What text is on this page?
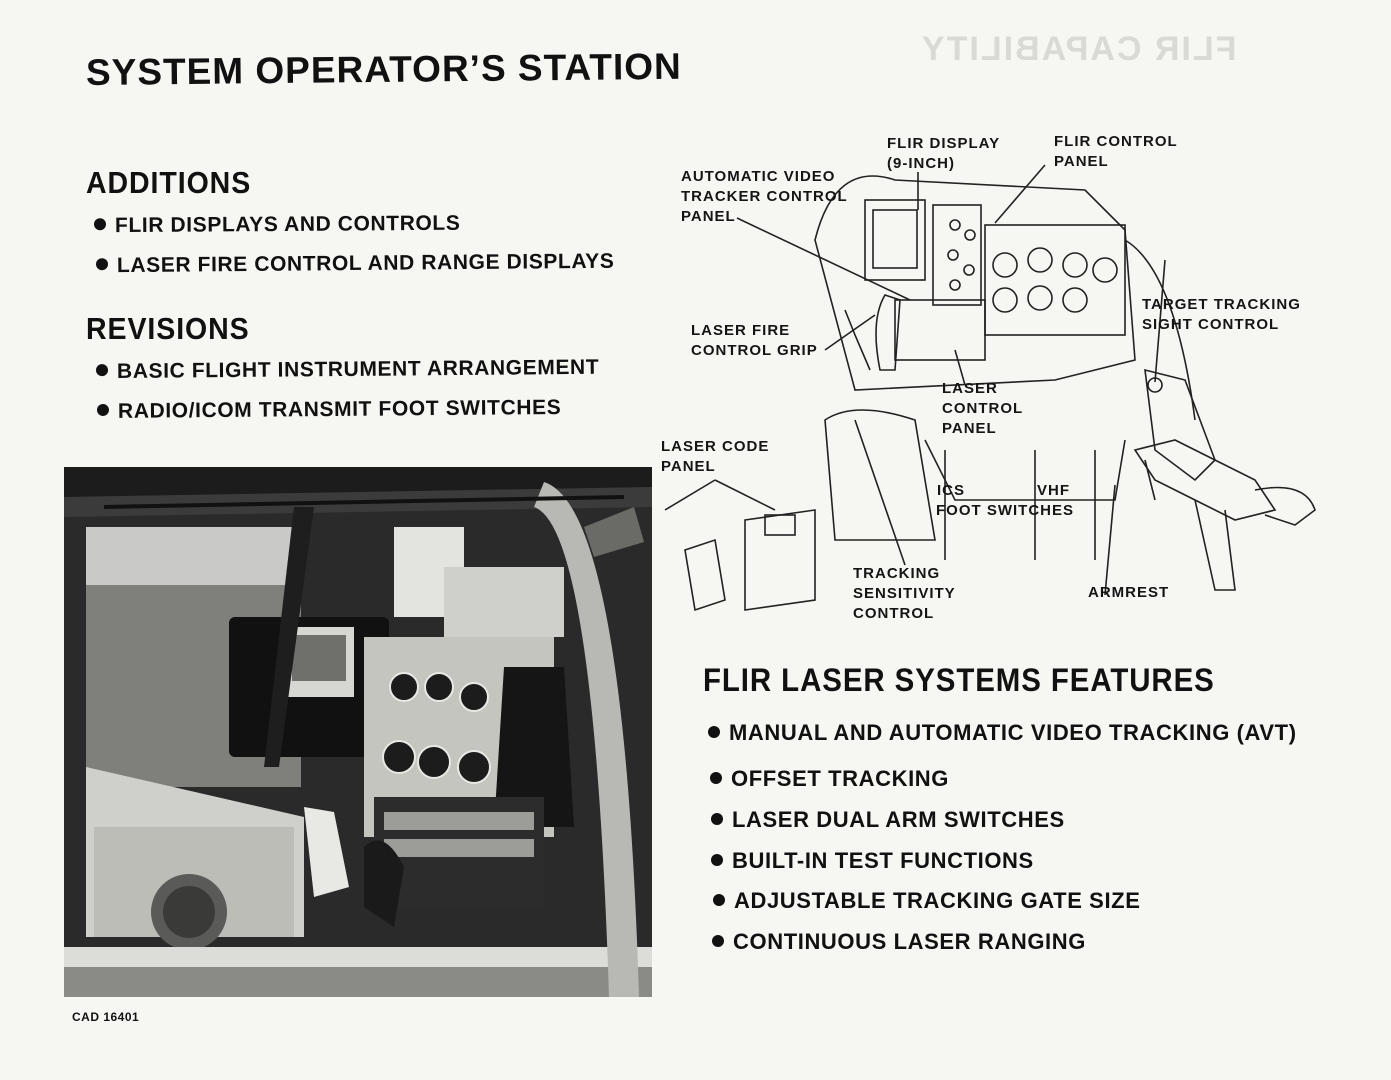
FLIR CAPABILITY
SYSTEM OPERATOR’S STATION
ADDITIONS
FLIR DISPLAYS AND CONTROLS
LASER FIRE CONTROL AND RANGE DISPLAYS
REVISIONS
BASIC FLIGHT INSTRUMENT ARRANGEMENT
RADIO/ICOM TRANSMIT FOOT SWITCHES
CAD 16401
FLIR DISPLAY
(9-INCH)
FLIR CONTROL
PANEL
AUTOMATIC VIDEO
TRACKER CONTROL
PANEL
TARGET TRACKING
SIGHT CONTROL
LASER FIRE
CONTROL GRIP
LASER
CONTROL
PANEL
LASER CODE
PANEL
ICS	VHF
FOOT SWITCHES
TRACKING
SENSITIVITY
CONTROL
ARMREST
FLIR LASER SYSTEMS FEATURES
MANUAL AND AUTOMATIC VIDEO TRACKING (AVT)
OFFSET TRACKING
LASER DUAL ARM SWITCHES
BUILT-IN TEST FUNCTIONS
ADJUSTABLE TRACKING GATE SIZE
CONTINUOUS LASER RANGING
